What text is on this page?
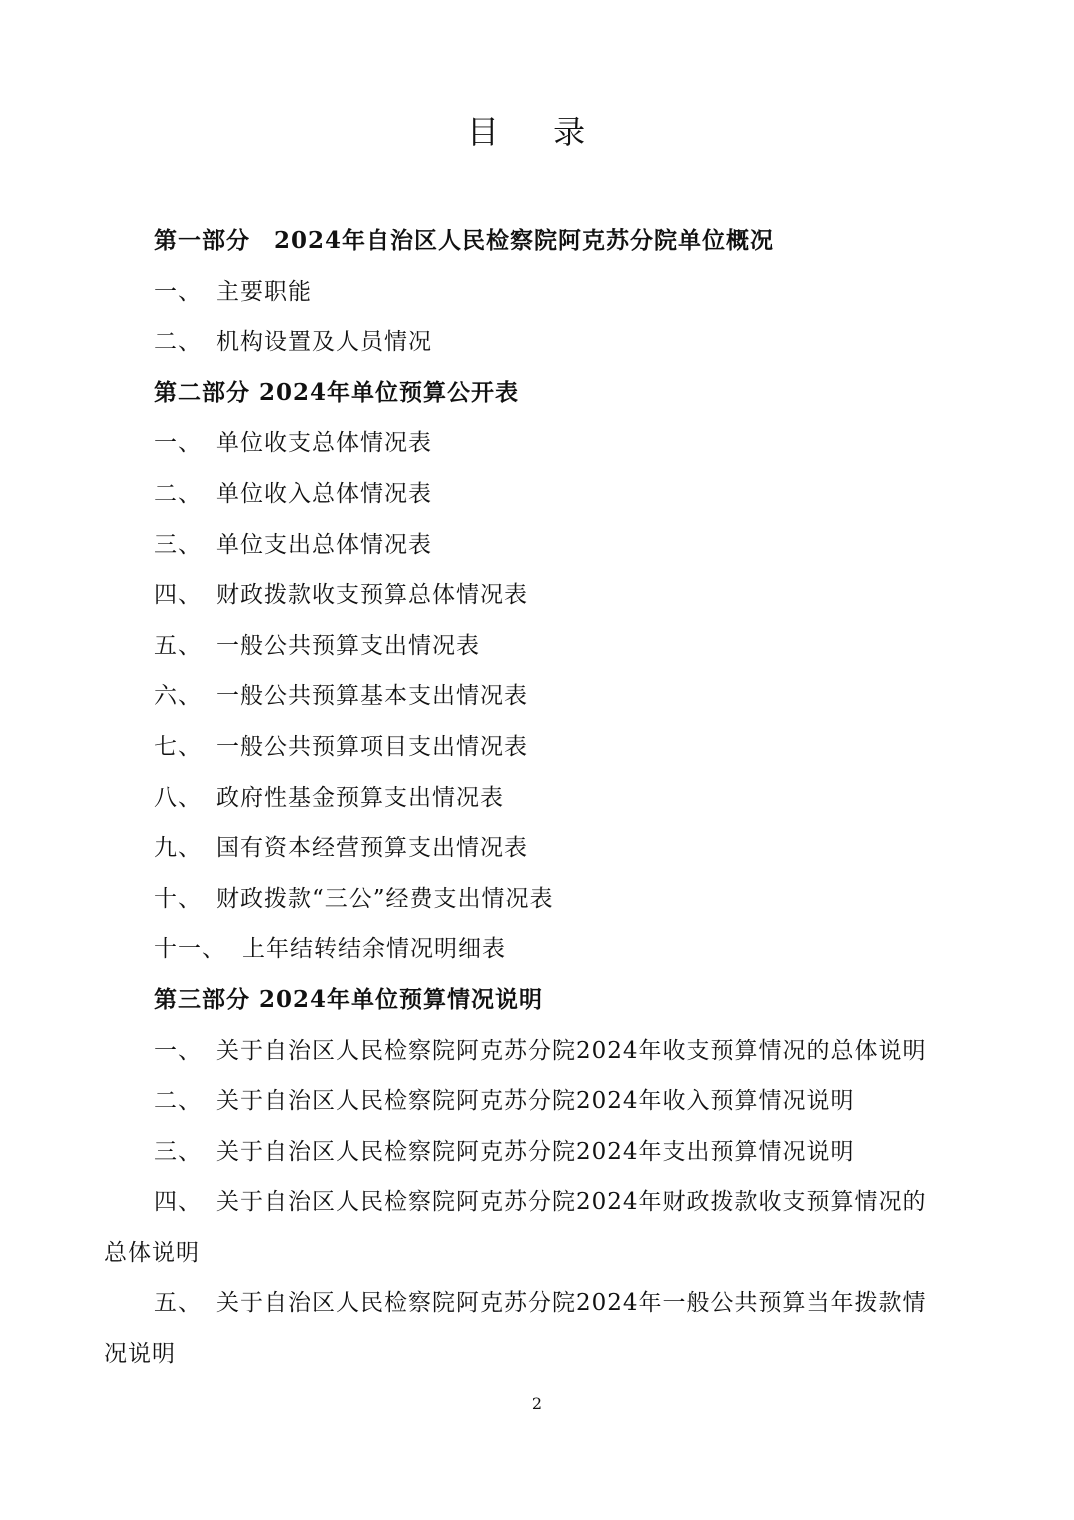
目 录
第一部分　2024年自治区人民检察院阿克苏分院单位概况
一、 主要职能
二、 机构设置及人员情况
第二部分 2024年单位预算公开表
一、 单位收支总体情况表
二、 单位收入总体情况表
三、 单位支出总体情况表
四、 财政拨款收支预算总体情况表
五、 一般公共预算支出情况表
六、 一般公共预算基本支出情况表
七、 一般公共预算项目支出情况表
八、 政府性基金预算支出情况表
九、 国有资本经营预算支出情况表
十、 财政拨款“三公”经费支出情况表
十一、 上年结转结余情况明细表
第三部分 2024年单位预算情况说明
一、 关于自治区人民检察院阿克苏分院2024年收支预算情况的总体说明
二、 关于自治区人民检察院阿克苏分院2024年收入预算情况说明
三、 关于自治区人民检察院阿克苏分院2024年支出预算情况说明
四、 关于自治区人民检察院阿克苏分院2024年财政拨款收支预算情况的
总体说明
五、 关于自治区人民检察院阿克苏分院2024年一般公共预算当年拨款情
况说明
2
